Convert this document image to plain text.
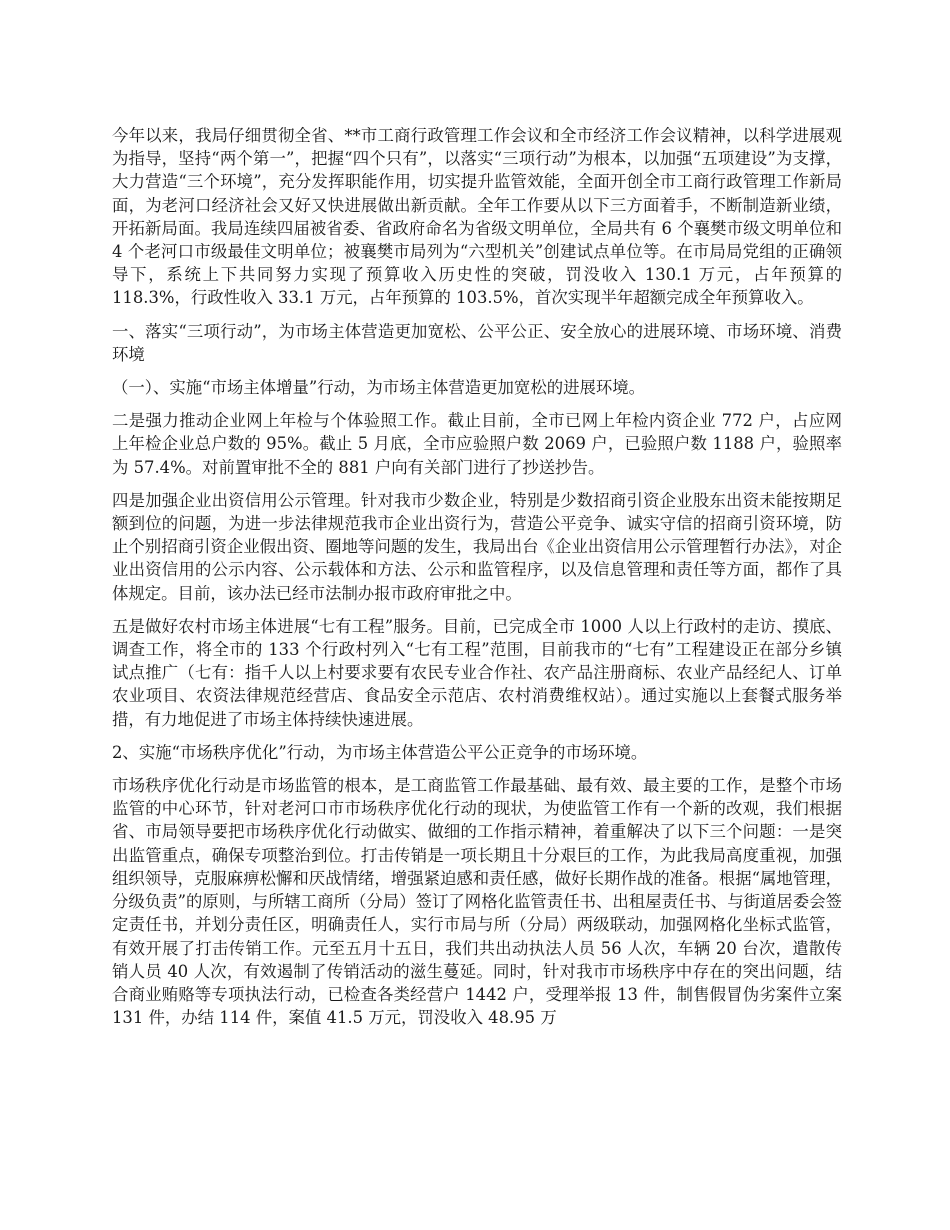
今年以来，我局仔细贯彻全省、**市工商行政管理工作会议和全市经济工作会议精神，以科学进展观为指导，坚持“两个第一”，把握“四个只有”，以落实“三项行动”为根本，以加强“五项建设”为支撑，大力营造“三个环境”，充分发挥职能作用，切实提升监管效能，全面开创全市工商行政管理工作新局面，为老河口经济社会又好又快进展做出新贡献。全年工作要从以下三方面着手，不断制造新业绩，开拓新局面。我局连续四届被省委、省政府命名为省级文明单位，全局共有 6 个襄樊市级文明单位和 4 个老河口市级最佳文明单位；被襄樊市局列为“六型机关”创建试点单位等。在市局局党组的正确领导下，系统上下共同努力实现了预算收入历史性的突破，罚没收入 130.1 万元，占年预算的 118.3%，行政性收入 33.1 万元，占年预算的 103.5%，首次实现半年超额完成全年预算收入。

一、落实“三项行动”，为市场主体营造更加宽松、公平公正、安全放心的进展环境、市场环境、消费环境

（一）、实施“市场主体增量”行动，为市场主体营造更加宽松的进展环境。

二是强力推动企业网上年检与个体验照工作。截止目前，全市已网上年检内资企业 772 户，占应网上年检企业总户数的 95%。截止 5 月底，全市应验照户数 2069 户，已验照户数 1188 户，验照率为 57.4%。对前置审批不全的 881 户向有关部门进行了抄送抄告。

四是加强企业出资信用公示管理。针对我市少数企业，特别是少数招商引资企业股东出资未能按期足额到位的问题，为进一步法律规范我市企业出资行为，营造公平竞争、诚实守信的招商引资环境，防止个别招商引资企业假出资、圈地等问题的发生，我局出台《企业出资信用公示管理暂行办法》，对企业出资信用的公示内容、公示载体和方法、公示和监管程序，以及信息管理和责任等方面，都作了具体规定。目前，该办法已经市法制办报市政府审批之中。

五是做好农村市场主体进展“七有工程”服务。目前，已完成全市 1000 人以上行政村的走访、摸底、调查工作，将全市的 133 个行政村列入“七有工程”范围，目前我市的“七有”工程建设正在部分乡镇试点推广（七有：指千人以上村要求要有农民专业合作社、农产品注册商标、农业产品经纪人、订单农业项目、农资法律规范经营店、食品安全示范店、农村消费维权站）。通过实施以上套餐式服务举措，有力地促进了市场主体持续快速进展。

2、实施“市场秩序优化”行动，为市场主体营造公平公正竞争的市场环境。

市场秩序优化行动是市场监管的根本，是工商监管工作最基础、最有效、最主要的工作，是整个市场监管的中心环节，针对老河口市市场秩序优化行动的现状，为使监管工作有一个新的改观，我们根据省、市局领导要把市场秩序优化行动做实、做细的工作指示精神，着重解决了以下三个问题：一是突出监管重点，确保专项整治到位。打击传销是一项长期且十分艰巨的工作，为此我局高度重视，加强组织领导，克服麻痹松懈和厌战情绪，增强紧迫感和责任感，做好长期作战的准备。根据“属地管理，分级负责”的原则，与所辖工商所（分局）签订了网格化监管责任书、出租屋责任书、与街道居委会签定责任书，并划分责任区，明确责任人，实行市局与所（分局）两级联动，加强网格化坐标式监管，有效开展了打击传销工作。元至五月十五日，我们共出动执法人员 56 人次，车辆 20 台次，遣散传销人员 40 人次，有效遏制了传销活动的滋生蔓延。同时，针对我市市场秩序中存在的突出问题，结合商业贿赂等专项执法行动，已检查各类经营户 1442 户，受理举报 13 件，制售假冒伪劣案件立案 131 件，办结 114 件，案值 41.5 万元，罚没收入 48.95 万
